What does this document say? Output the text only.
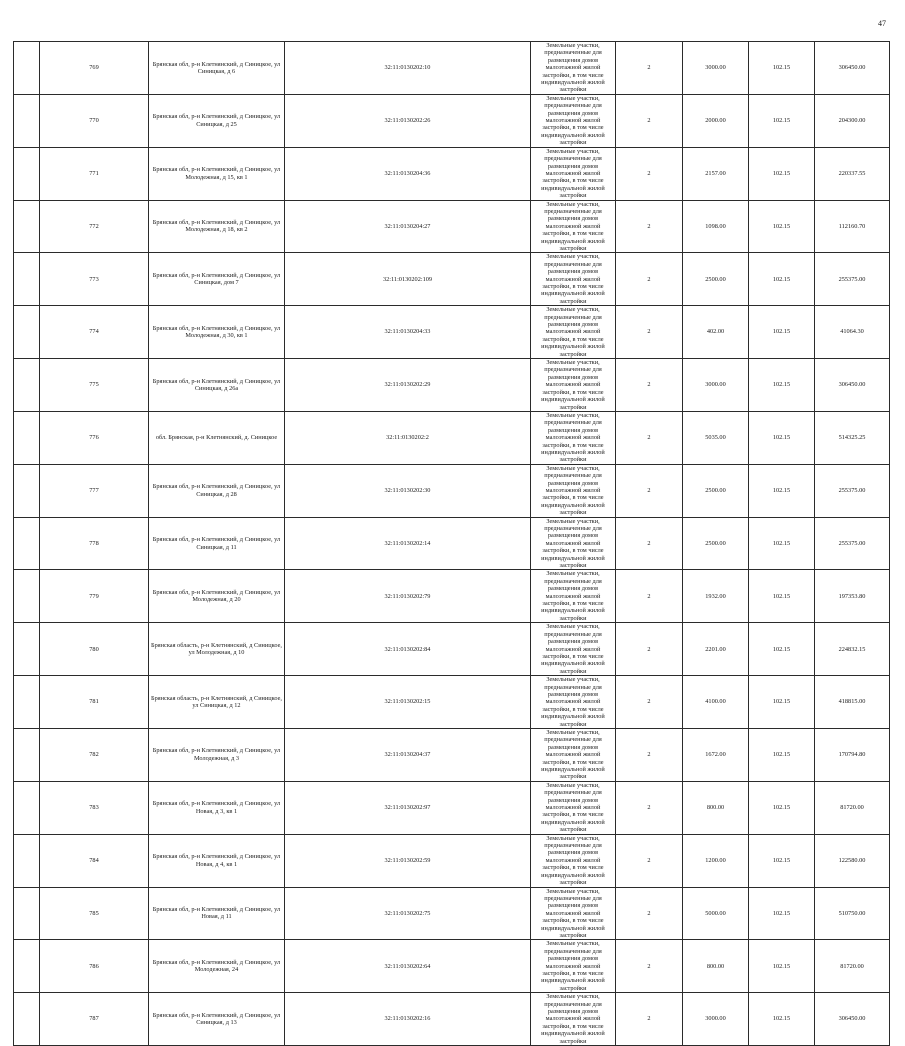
47
	769	Брянская обл, р-н Клетнянский, д Синицкое, ул Синицкая, д 6	32:11:0130202:10	Земельные участки, предназначенные для размещения домов малоэтажной жилой застройки, в том числе индивидуальной жилой застройки	2	3000.00	102.15	306450.00
	770	Брянская обл, р-н Клетнянский, д Синицкое, ул Синицкая, д 25	32:11:0130202:26	Земельные участки, предназначенные для размещения домов малоэтажной жилой застройки, в том числе индивидуальной жилой застройки	2	2000.00	102.15	204300.00
	771	Брянская обл, р-н Клетнянский, д Синицкое, ул Молодежная, д 15, кв 1	32:11:0130204:36	Земельные участки, предназначенные для размещения домов малоэтажной жилой застройки, в том числе индивидуальной жилой застройки	2	2157.00	102.15	220337.55
	772	Брянская обл, р-н Клетнянский, д Синицкое, ул Молодежная, д 18, кв 2	32:11:0130204:27	Земельные участки, предназначенные для размещения домов малоэтажной жилой застройки, в том числе индивидуальной жилой застройки	2	1098.00	102.15	112160.70
	773	Брянская обл, р-н Клетнянский, д Синицкое, ул Синицкая, дом 7	32:11:0130202:109	Земельные участки, предназначенные для размещения домов малоэтажной жилой застройки, в том числе индивидуальной жилой застройки	2	2500.00	102.15	255375.00
	774	Брянская обл, р-н Клетнянский, д Синицкое, ул Молодежная, д 30, кв 1	32:11:0130204:33	Земельные участки, предназначенные для размещения домов малоэтажной жилой застройки, в том числе индивидуальной жилой застройки	2	402.00	102.15	41064.30
	775	Брянская обл, р-н Клетнянский, д Синицкое, ул Синицкая, д 26а	32:11:0130202:29	Земельные участки, предназначенные для размещения домов малоэтажной жилой застройки, в том числе индивидуальной жилой застройки	2	3000.00	102.15	306450.00
	776	обл. Брянская, р-н Клетнянский, д. Синицкое	32:11:0130202:2	Земельные участки, предназначенные для размещения домов малоэтажной жилой застройки, в том числе индивидуальной жилой застройки	2	5035.00	102.15	514325.25
	777	Брянская обл, р-н Клетнянский, д Синицкое, ул Синицкая, д 28	32:11:0130202:30	Земельные участки, предназначенные для размещения домов малоэтажной жилой застройки, в том числе индивидуальной жилой застройки	2	2500.00	102.15	255375.00
	778	Брянская обл, р-н Клетнянский, д Синицкое, ул Синицкая, д 11	32:11:0130202:14	Земельные участки, предназначенные для размещения домов малоэтажной жилой застройки, в том числе индивидуальной жилой застройки	2	2500.00	102.15	255375.00
	779	Брянская обл, р-н Клетнянский, д Синицкое, ул Молодежная, д 20	32:11:0130202:79	Земельные участки, предназначенные для размещения домов малоэтажной жилой застройки, в том числе индивидуальной жилой застройки	2	1932.00	102.15	197353.80
	780	Брянская область, р-н Клетнянский, д Синицкое, ул Молодежная, д 10	32:11:0130202:84	Земельные участки, предназначенные для размещения домов малоэтажной жилой застройки, в том числе индивидуальной жилой застройки	2	2201.00	102.15	224832.15
	781	Брянская область, р-н Клетнянский, д Синицкое, ул Синицкая, д 12	32:11:0130202:15	Земельные участки, предназначенные для размещения домов малоэтажной жилой застройки, в том числе индивидуальной жилой застройки	2	4100.00	102.15	418815.00
	782	Брянская обл, р-н Клетнянский, д Синицкое, ул Молодежная, д 3	32:11:0130204:37	Земельные участки, предназначенные для размещения домов малоэтажной жилой застройки, в том числе индивидуальной жилой застройки	2	1672.00	102.15	170794.80
	783	Брянская обл, р-н Клетнянский, д Синицкое, ул Новая, д 3, кв 1	32:11:0130202:97	Земельные участки, предназначенные для размещения домов малоэтажной жилой застройки, в том числе индивидуальной жилой застройки	2	800.00	102.15	81720.00
	784	Брянская обл, р-н Клетнянский, д Синицкое, ул Новая, д 4, кв 1	32:11:0130202:59	Земельные участки, предназначенные для размещения домов малоэтажной жилой застройки, в том числе индивидуальной жилой застройки	2	1200.00	102.15	122580.00
	785	Брянская обл, р-н Клетнянский, д Синицкое, ул Новая, д 11	32:11:0130202:75	Земельные участки, предназначенные для размещения домов малоэтажной жилой застройки, в том числе индивидуальной жилой застройки	2	5000.00	102.15	510750.00
	786	Брянская обл, р-н Клетнянский, д Синицкое, ул Молодежная, 24	32:11:0130202:64	Земельные участки, предназначенные для размещения домов малоэтажной жилой застройки, в том числе индивидуальной жилой застройки	2	800.00	102.15	81720.00
	787	Брянская обл, р-н Клетнянский, д Синицкое, ул Синицкая, д 13	32:11:0130202:16	Земельные участки, предназначенные для размещения домов малоэтажной жилой застройки, в том числе индивидуальной жилой застройки	2	3000.00	102.15	306450.00
